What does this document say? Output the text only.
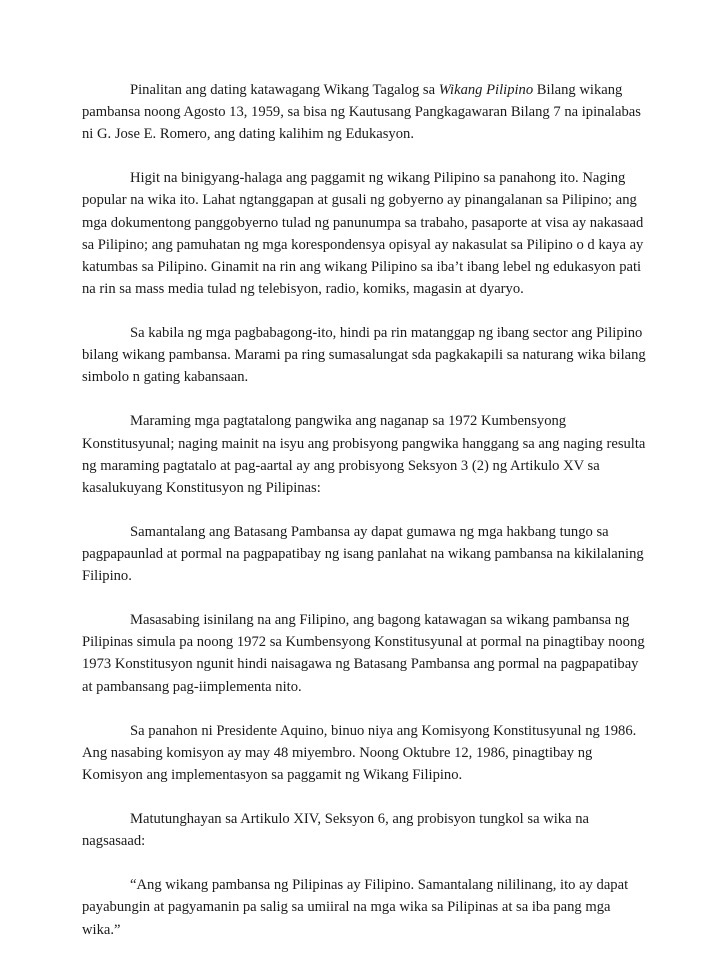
Pinalitan ang dating katawagang Wikang Tagalog sa Wikang Pilipino Bilang wikang
pambansa noong Agosto 13, 1959, sa bisa ng Kautusang Pangkagawaran Bilang 7 na ipinalabas
ni G. Jose E. Romero, ang dating kalihim ng Edukasyon.

Higit na binigyang-halaga ang paggamit ng wikang Pilipino sa panahong ito. Naging
popular na wika ito. Lahat ngtanggapan at gusali ng gobyerno ay pinangalanan sa Pilipino; ang
mga dokumentong panggobyerno tulad ng panunumpa sa trabaho, pasaporte at visa ay nakasaad
sa Pilipino; ang pamuhatan ng mga korespondensya opisyal ay nakasulat sa Pilipino o d kaya ay
katumbas sa Pilipino. Ginamit na rin ang wikang Pilipino sa iba’t ibang lebel ng edukasyon pati
na rin sa mass media tulad ng telebisyon, radio, komiks, magasin at dyaryo.

Sa kabila ng mga pagbabagong-ito, hindi pa rin matanggap ng ibang sector ang Pilipino
bilang wikang pambansa. Marami pa ring sumasalungat sda pagkakapili sa naturang wika bilang
simbolo n gating kabansaan.

Maraming mga pagtatalong pangwika ang naganap sa 1972 Kumbensyong
Konstitusyunal; naging mainit na isyu ang probisyong pangwika hanggang sa ang naging resulta
ng maraming pagtatalo at pag-aartal ay ang probisyong Seksyon 3 (2) ng Artikulo XV sa
kasalukuyang Konstitusyon ng Pilipinas:

Samantalang ang Batasang Pambansa ay dapat gumawa ng mga hakbang tungo sa
pagpapaunlad at pormal na pagpapatibay ng isang panlahat na wikang pambansa na kikilalaning
Filipino.

Masasabing isinilang na ang Filipino, ang bagong katawagan sa wikang pambansa ng
Pilipinas simula pa noong 1972 sa Kumbensyong Konstitusyunal at pormal na pinagtibay noong
1973 Konstitusyon ngunit hindi naisagawa ng Batasang Pambansa ang pormal na pagpapatibay
at pambansang pag-iimplementa nito.

Sa panahon ni Presidente Aquino, binuo niya ang Komisyong Konstitusyunal ng 1986.
Ang nasabing komisyon ay may 48 miyembro. Noong Oktubre 12, 1986, pinagtibay ng
Komisyon ang implementasyon sa paggamit ng Wikang Filipino.

Matutunghayan sa Artikulo XIV, Seksyon 6, ang probisyon tungkol sa wika na
nagsasaad:

“Ang wikang pambansa ng Pilipinas ay Filipino. Samantalang nililinang, ito ay dapat
payabungin at pagyamanin pa salig sa umiiral na mga wika sa Pilipinas at sa iba pang mga
wika.”
